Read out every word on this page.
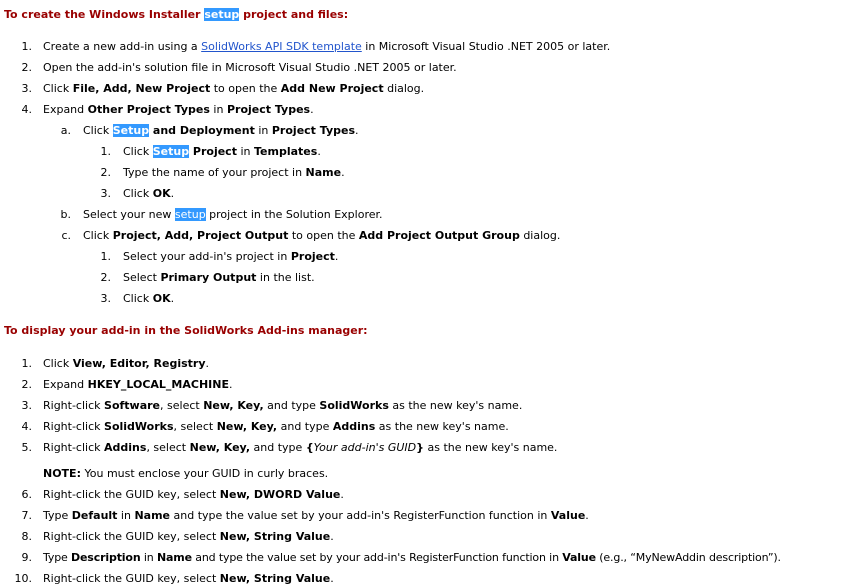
To create the Windows Installer setup project and files:
1. Create a new add-in using a SolidWorks API SDK template in Microsoft Visual Studio .NET 2005 or later.
2. Open the add-in's solution file in Microsoft Visual Studio .NET 2005 or later.
3. Click File, Add, New Project to open the Add New Project dialog.
4. Expand Other Project Types in Project Types.
a. Click Setup and Deployment in Project Types.
1. Click Setup Project in Templates.
2. Type the name of your project in Name.
3. Click OK.
b. Select your new setup project in the Solution Explorer.
c. Click Project, Add, Project Output to open the Add Project Output Group dialog.
1. Select your add-in's project in Project.
2. Select Primary Output in the list.
3. Click OK.
To display your add-in in the SolidWorks Add-ins manager:
1. Click View, Editor, Registry.
2. Expand HKEY_LOCAL_MACHINE.
3. Right-click Software, select New, Key, and type SolidWorks as the new key's name.
4. Right-click SolidWorks, select New, Key, and type Addins as the new key's name.
5. Right-click Addins, select New, Key, and type {Your add-in's GUID} as the new key's name.
NOTE: You must enclose your GUID in curly braces.
6. Right-click the GUID key, select New, DWORD Value.
7. Type Default in Name and type the value set by your add-in's RegisterFunction function in Value.
8. Right-click the GUID key, select New, String Value.
9. Type Description in Name and type the value set by your add-in's RegisterFunction function in Value (e.g., “MyNewAddin description”).
10. Right-click the GUID key, select New, String Value.
